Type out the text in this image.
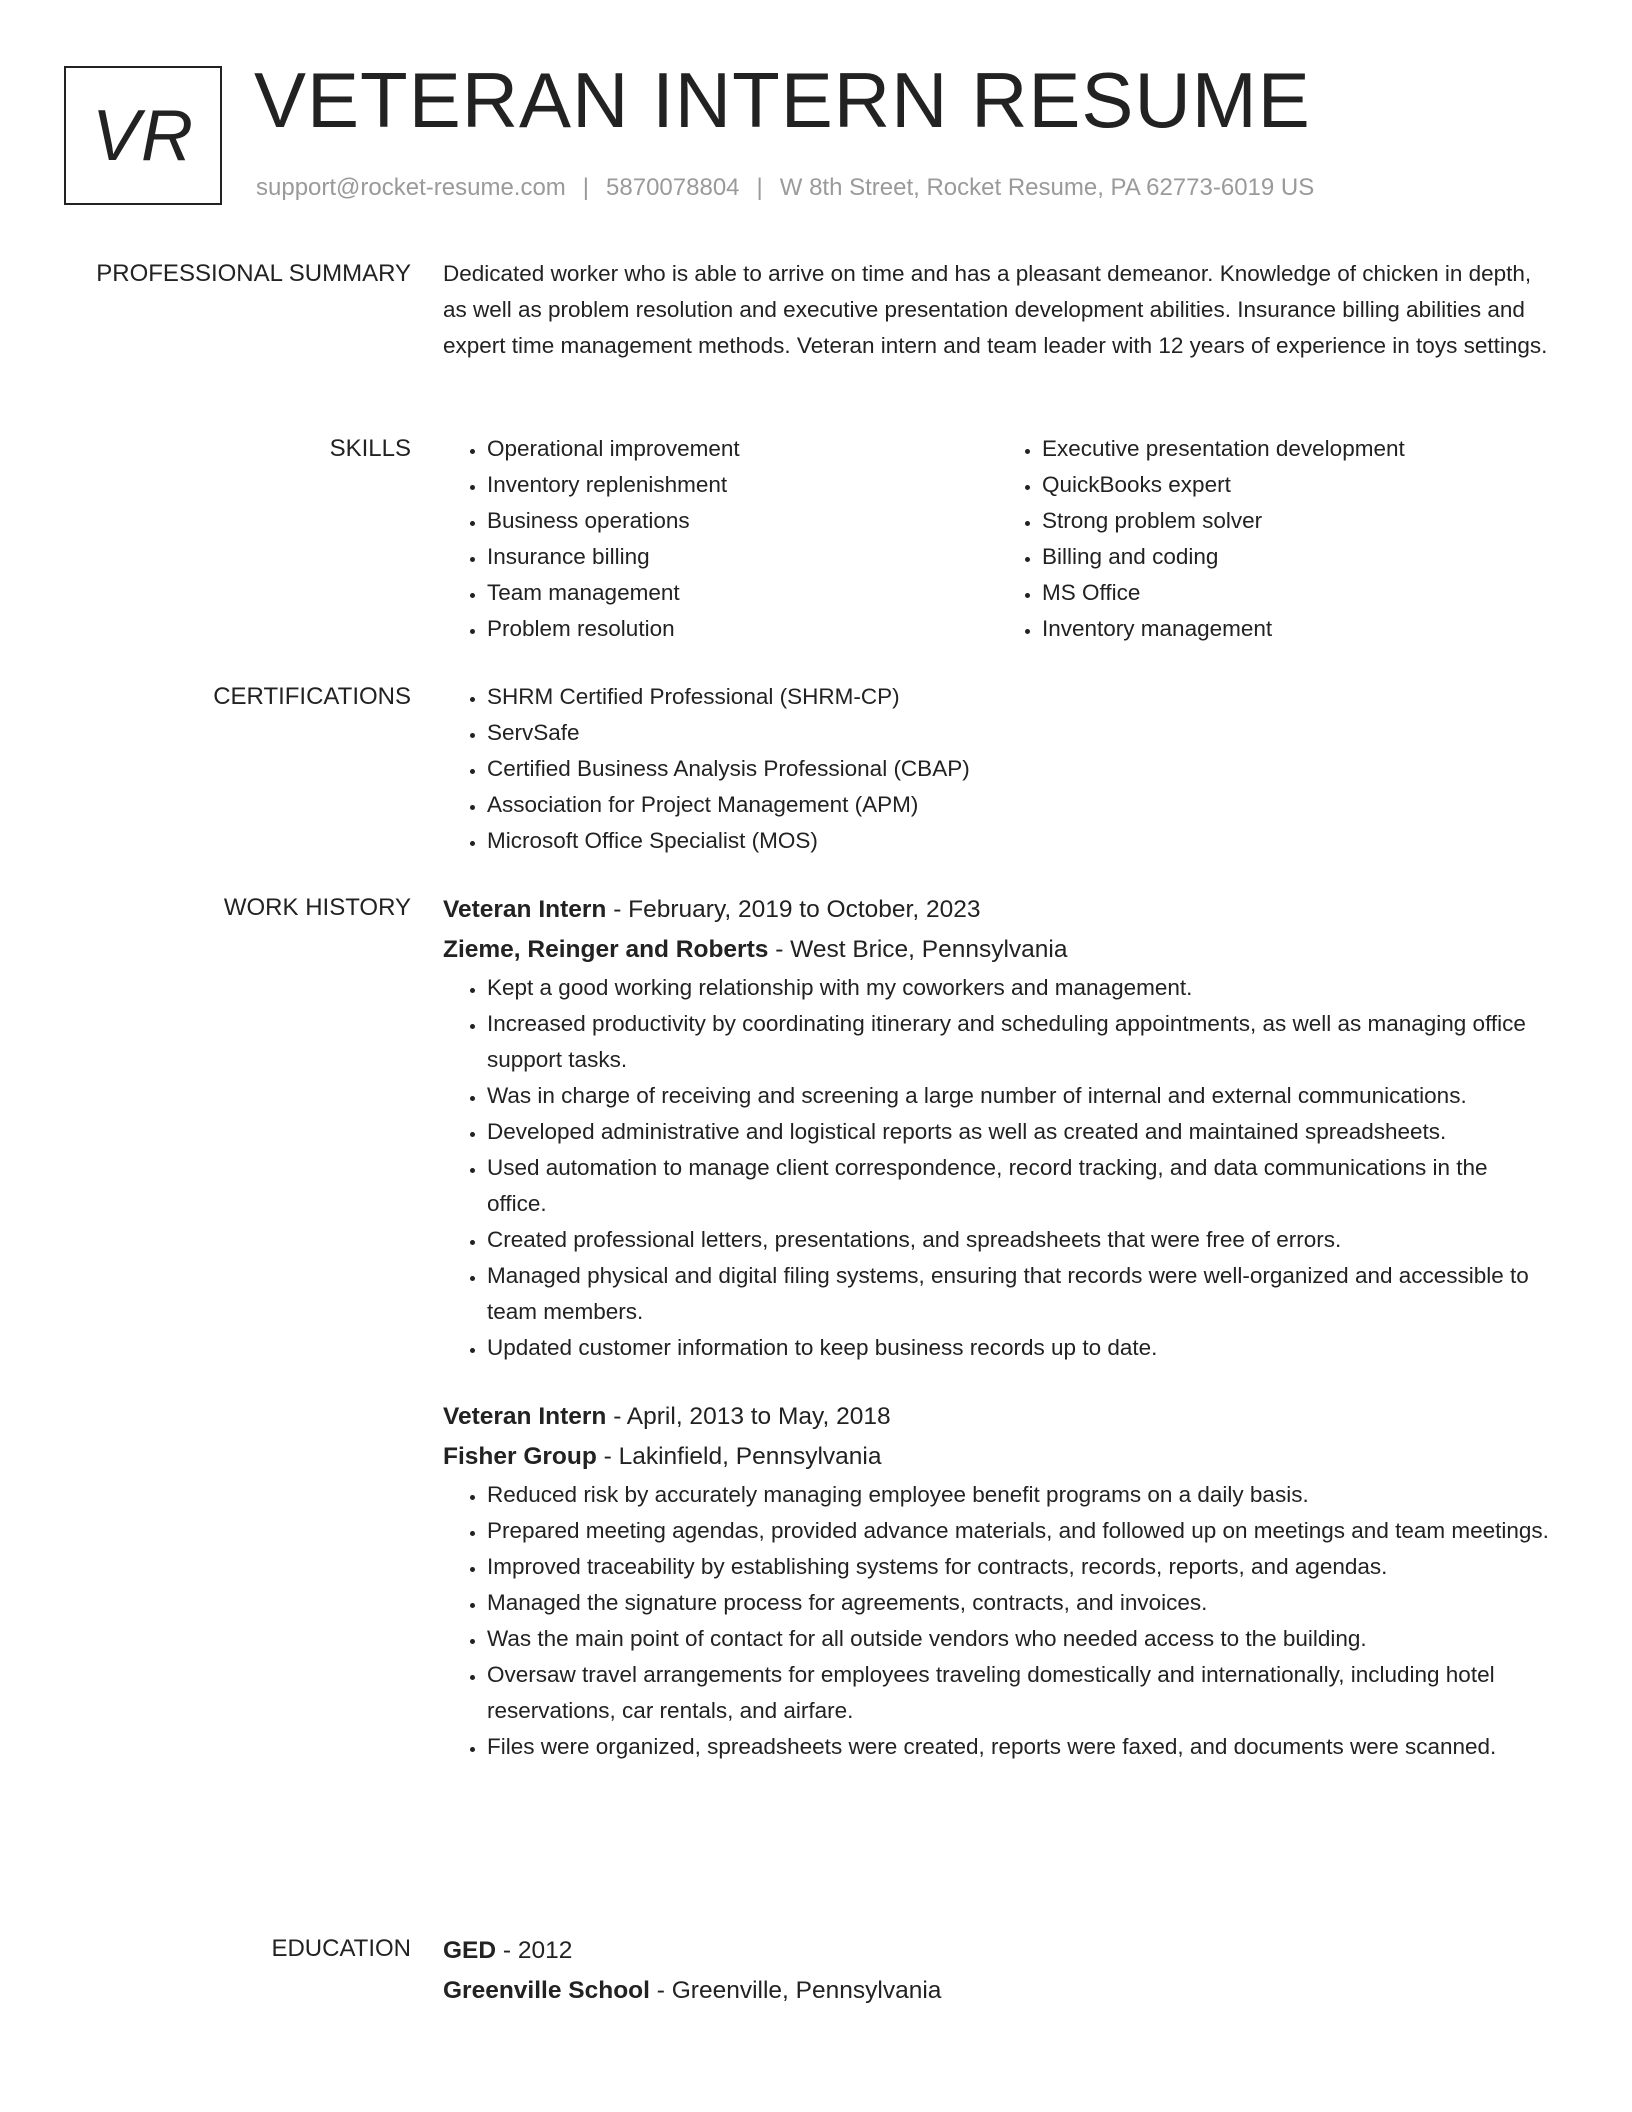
VR VETERAN INTERN RESUME
support@rocket-resume.com | 5870078804 | W 8th Street, Rocket Resume, PA 62773-6019 US
PROFESSIONAL SUMMARY Dedicated worker who is able to arrive on time and has a pleasant demeanor. Knowledge of chicken in depth, as well as problem resolution and executive presentation development abilities. Insurance billing abilities and expert time management methods. Veteran intern and team leader with 12 years of experience in toys settings.

SKILLS	• Operational improvement
• Inventory replenishment
• Business operations
• Insurance billing
• Team management
• Problem resolution
• Executive presentation development
• QuickBooks expert
• Strong problem solver
• Billing and coding
• MS Office
• Inventory management
CERTIFICATIONS	• SHRM Certified Professional (SHRM-CP)
• ServSafe
• Certified Business Analysis Professional (CBAP)
• Association for Project Management (APM)
• Microsoft Office Specialist (MOS)
WORK HISTORY Veteran Intern - February, 2019 to October, 2023
Zieme, Reinger and Roberts - West Brice, Pennsylvania
• Kept a good working relationship with my coworkers and management.
• Increased productivity by coordinating itinerary and scheduling appointments, as well as managing office support tasks.
• Was in charge of receiving and screening a large number of internal and external communications.
• Developed administrative and logistical reports as well as created and maintained spreadsheets.
• Used automation to manage client correspondence, record tracking, and data communications in the office.
• Created professional letters, presentations, and spreadsheets that were free of errors.
• Managed physical and digital filing systems, ensuring that records were well-organized and accessible to team members.
• Updated customer information to keep business records up to date.
Veteran Intern - April, 2013 to May, 2018
Fisher Group - Lakinfield, Pennsylvania
• Reduced risk by accurately managing employee benefit programs on a daily basis.
• Prepared meeting agendas, provided advance materials, and followed up on meetings and team meetings.
• Improved traceability by establishing systems for contracts, records, reports, and agendas.
• Managed the signature process for agreements, contracts, and invoices.
• Was the main point of contact for all outside vendors who needed access to the building.
• Oversaw travel arrangements for employees traveling domestically and internationally, including hotel reservations, car rentals, and airfare.
• Files were organized, spreadsheets were created, reports were faxed, and documents were scanned.
EDUCATION GED - 2012
Greenville School - Greenville, Pennsylvania
